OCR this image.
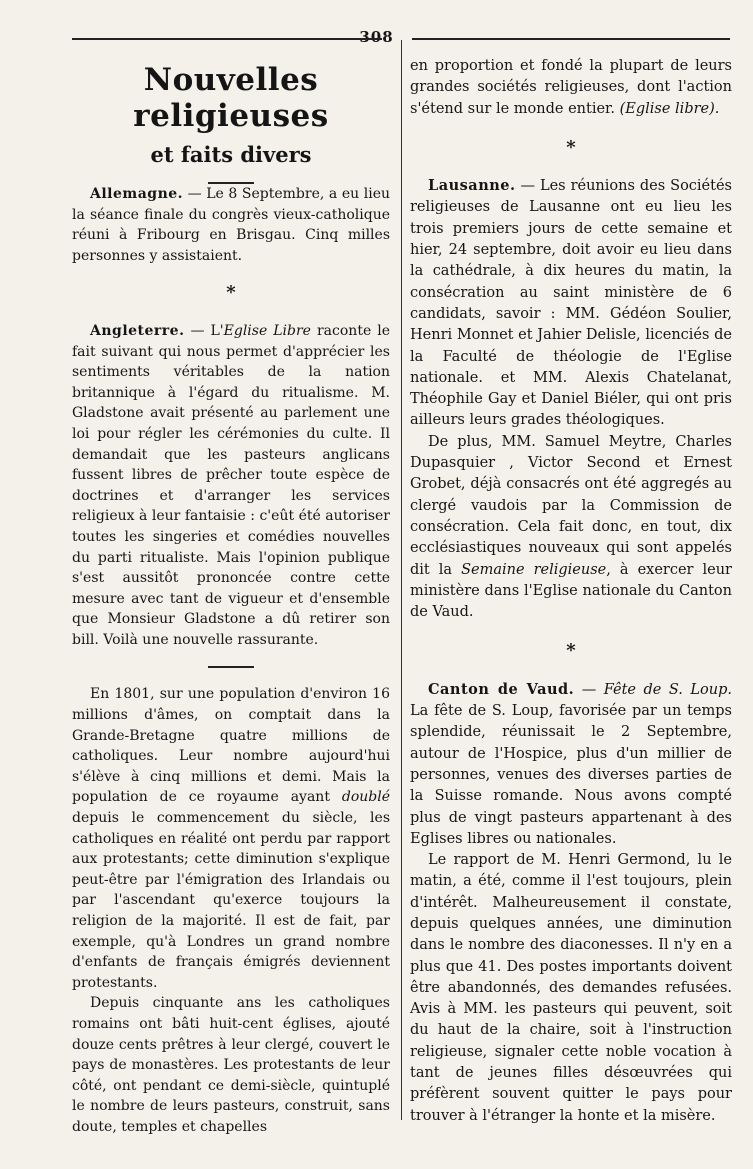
308
Nouvelles religieuses
et faits divers

Allemagne. — Le 8 Septembre, a eu lieu la séance finale du congrès vieux-catholique réuni à Fribourg en Brisgau. Cinq milles personnes y assistaient.

*

Angleterre. — L'Eglise Libre raconte le fait suivant qui nous permet d'apprécier les sentiments véritables de la nation britannique à l'égard du ritualisme. M. Gladstone avait présenté au parlement une loi pour régler les cérémonies du culte. Il demandait que les pasteurs anglicans fussent libres de prêcher toute espèce de doctrines et d'arranger les services religieux à leur fantaisie : c'eût été autoriser toutes les singeries et comédies nouvelles du parti ritualiste. Mais l'opinion publique s'est aussitôt prononcée contre cette mesure avec tant de vigueur et d'ensemble que Monsieur Gladstone a dû retirer son bill. Voilà une nouvelle rassurante.

En 1801, sur une population d'environ 16 millions d'âmes, on comptait dans la Grande-Bretagne quatre millions de catholiques. Leur nombre aujourd'hui s'élève à cinq millions et demi. Mais la population de ce royaume ayant doublé depuis le commencement du siècle, les catholiques en réalité ont perdu par rapport aux protestants; cette diminution s'explique peut-être par l'émigration des Irlandais ou par l'ascendant qu'exerce toujours la religion de la majorité. Il est de fait, par exemple, qu'à Londres un grand nombre d'enfants de français émigrés deviennent protestants.

Depuis cinquante ans les catholiques romains ont bâti huit-cent églises, ajouté douze cents prêtres à leur clergé, couvert le pays de monastères. Les protestants de leur côté, ont pendant ce demi-siècle, quintuplé le nombre de leurs pasteurs, construit, sans doute, temples et chapelles

en proportion et fondé la plupart de leurs grandes sociétés religieuses, dont l'action s'étend sur le monde entier. (Eglise libre).

*

Lausanne. — Les réunions des Sociétés religieuses de Lausanne ont eu lieu les trois premiers jours de cette semaine et hier, 24 septembre, doit avoir eu lieu dans la cathédrale, à dix heures du matin, la consécration au saint ministère de 6 candidats, savoir : MM. Gédéon Soulier, Henri Monnet et Jahier Delisle, licenciés de la Faculté de théologie de l'Eglise nationale. et MM. Alexis Chatelanat, Théophile Gay et Daniel Biéler, qui ont pris ailleurs leurs grades théologiques.

De plus, MM. Samuel Meytre, Charles Dupasquier , Victor Second et Ernest Grobet, déjà consacrés ont été aggregés au clergé vaudois par la Commission de consécration. Cela fait donc, en tout, dix ecclésiastiques nouveaux qui sont appelés dit la Semaine religieuse, à exercer leur ministère dans l'Eglise nationale du Canton de Vaud.

*

Canton de Vaud. — Fête de S. Loup. La fête de S. Loup, favorisée par un temps splendide, réunissait le 2 Septembre, autour de l'Hospice, plus d'un millier de personnes, venues des diverses parties de la Suisse romande. Nous avons compté plus de vingt pasteurs appartenant à des Eglises libres ou nationales.

Le rapport de M. Henri Germond, lu le matin, a été, comme il l'est toujours, plein d'intérêt. Malheureusement il constate, depuis quelques années, une diminution dans le nombre des diaconesses. Il n'y en a plus que 41. Des postes importants doivent être abandonnés, des demandes refusées. Avis à MM. les pasteurs qui peuvent, soit du haut de la chaire, soit à l'instruction religieuse, signaler cette noble vocation à tant de jeunes filles désœuvrées qui préfèrent souvent quitter le pays pour trouver à l'étranger la honte et la misère.
